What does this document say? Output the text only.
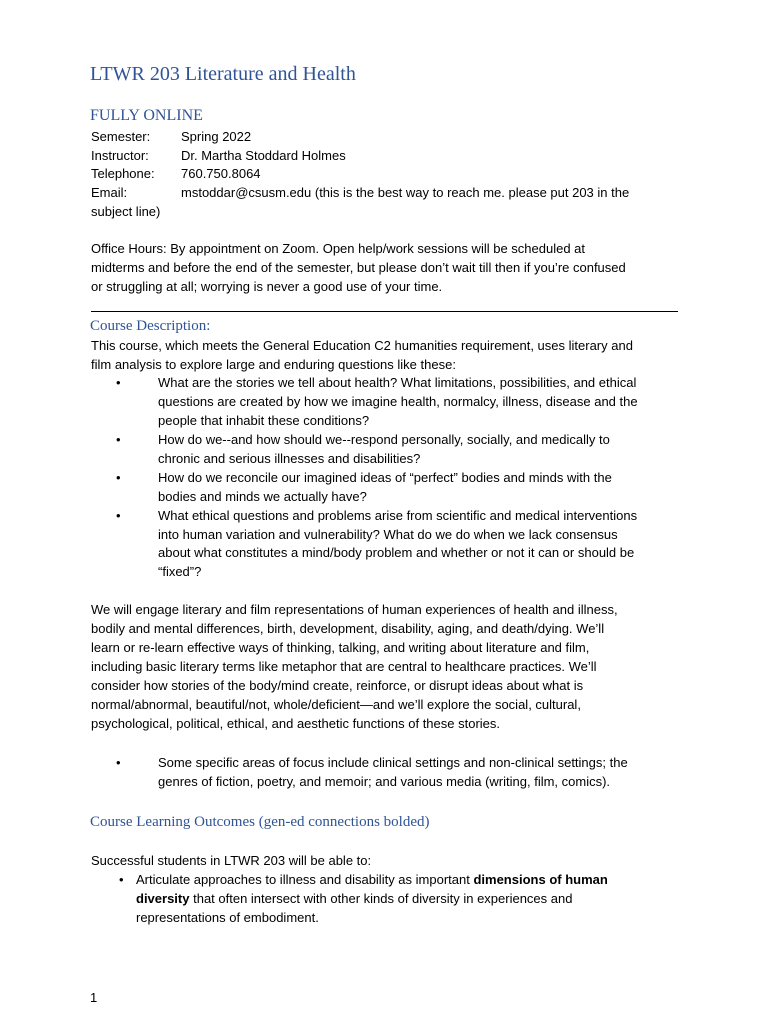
LTWR 203 Literature and Health
FULLY ONLINE
Semester: Spring 2022
Instructor: Dr. Martha Stoddard Holmes
Telephone: 760.750.8064
Email:	mstoddar@csusm.edu (this is the best way to reach me. please put 203 in the
subject line)
Office Hours: By appointment on Zoom. Open help/work sessions will be scheduled at
midterms and before the end of the semester, but please don’t wait till then if you’re confused
or struggling at all; worrying is never a good use of your time.
Course Description:
This course, which meets the General Education C2 humanities requirement, uses literary and
film analysis to explore large and enduring questions like these:
•	What are the stories we tell about health? What limitations, possibilities, and ethical
questions are created by how we imagine health, normalcy, illness, disease and the
people that inhabit these conditions?
•	How do we--and how should we--respond personally, socially, and medically to
chronic and serious illnesses and disabilities?
•	How do we reconcile our imagined ideas of “perfect” bodies and minds with the
bodies and minds we actually have?
•	What ethical questions and problems arise from scientific and medical interventions
into human variation and vulnerability? What do we do when we lack consensus
about what constitutes a mind/body problem and whether or not it can or should be
“fixed”?
We will engage literary and film representations of human experiences of health and illness,
bodily and mental differences, birth, development, disability, aging, and death/dying. We’ll
learn or re-learn effective ways of thinking, talking, and writing about literature and film,
including basic literary terms like metaphor that are central to healthcare practices. We’ll
consider how stories of the body/mind create, reinforce, or disrupt ideas about what is
normal/abnormal, beautiful/not, whole/deficient—and we’ll explore the social, cultural,
psychological, political, ethical, and aesthetic functions of these stories.
•	Some specific areas of focus include clinical settings and non-clinical settings; the
genres of fiction, poetry, and memoir; and various media (writing, film, comics).
Course Learning Outcomes (gen-ed connections bolded)
Successful students in LTWR 203 will be able to:
• Articulate approaches to illness and disability as important dimensions of human
diversity that often intersect with other kinds of diversity in experiences and
representations of embodiment.
1
